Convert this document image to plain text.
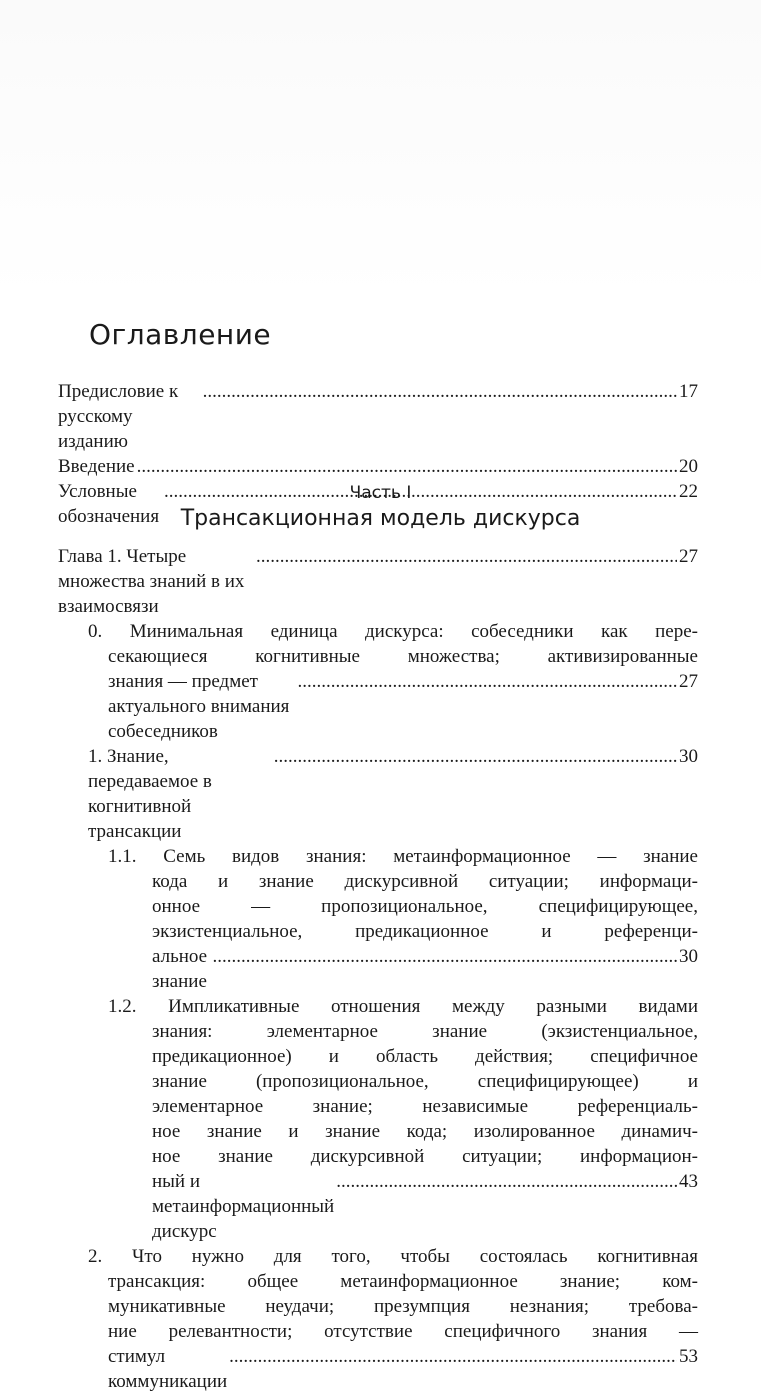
Оглавление
Предисловие к русскому изданию
.....
17
Введение
.....	20
Условные обозначения
.....
22
Часть I
Трансакционная модель дискурса
Глава 1. Четыре множества знаний в их взаимосвязи
.....
27
0. Минимальная единица дискурса: собеседники как пере-
секающиеся когнитивные множества; активизированные
знания — предмет актуального внимания собеседников
.....
27
1. Знание, передаваемое в когнитивной трансакции
.....
30
1.1. Семь видов знания: метаинформационное — знание
кода и знание дискурсивной ситуации; информаци-
онное — пропозициональное, специфицирующее,
экзистенциальное, предикационное и референци-
альное знание
.....
30
1.2. Импликативные отношения между разными видами
знания: элементарное знание (экзистенциальное,
предикационное) и область действия; специфичное
знание (пропозициональное, специфицирующее) и
элементарное знание; независимые референциаль-
ное знание и знание кода; изолированное динамич-
ное знание дискурсивной ситуации; информацион-
ный и метаинформационный дискурс
.....
43
2. Что нужно для того, чтобы состоялась когнитивная
трансакция: общее метаинформационное знание; ком-
муникативные неудачи; презумпция незнания; требова-
ние релевантности; отсутствие специфичного знания —
стимул коммуникации
.....
53
